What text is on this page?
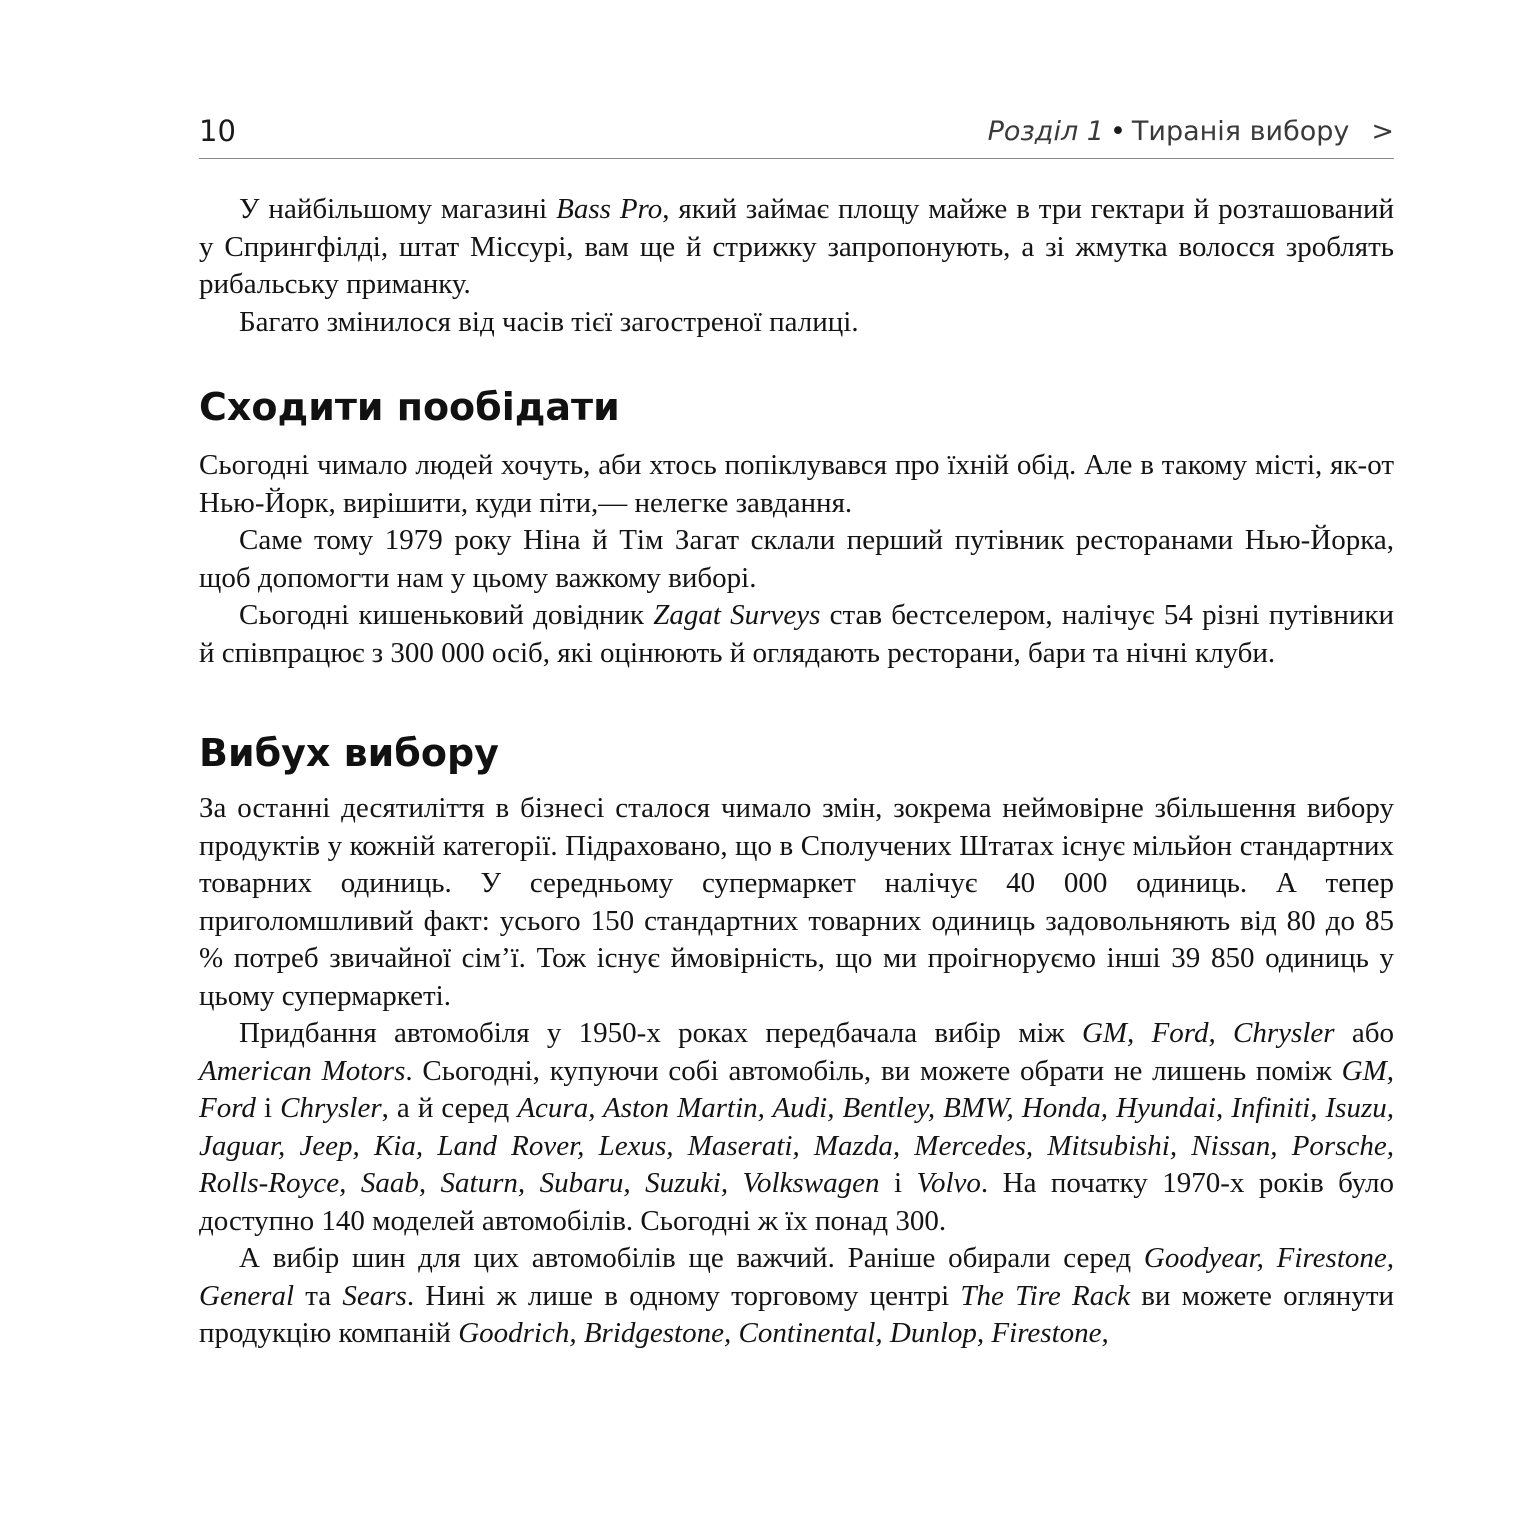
10	Розділ 1 • Тиранія вибору >

У найбільшому магазині Bass Pro, який займає площу майже в три гектари й розташований у Спрингфілді, штат Міссурі, вам ще й стрижку запропонують, а зі жмутка волосся зроблять рибальську приманку.

Багато змінилося від часів тієї загостреної палиці.

Сходити пообідати

Сьогодні чимало людей хочуть, аби хтось попіклувався про їхній обід. Але в такому місті, як-от Нью-Йорк, вирішити, куди піти,— нелегке завдання.

Саме тому 1979 року Ніна й Тім Загат склали перший путівник ресторанами Нью-Йорка, щоб допомогти нам у цьому важкому виборі.

Сьогодні кишеньковий довідник Zagat Surveys став бестселером, налічує 54 різні путівники й співпрацює з 300 000 осіб, які оцінюють й оглядають ресторани, бари та нічні клуби.

Вибух вибору

За останні десятиліття в бізнесі сталося чимало змін, зокрема неймовірне збільшення вибору продуктів у кожній категорії. Підраховано, що в Сполучених Штатах існує мільйон стандартних товарних одиниць. У середньому супермаркет налічує 40 000 одиниць. А тепер приголомшливий факт: усього 150 стандартних товарних одиниць задовольняють від 80 до 85 % потреб звичайної сім’ї. Тож існує ймовірність, що ми проігноруємо інші 39 850 одиниць у цьому супермаркеті.

Придбання автомобіля у 1950-х роках передбачала вибір між GM, Ford, Chrysler або American Motors. Сьогодні, купуючи собі автомобіль, ви можете обрати не лишень поміж GM, Ford і Chrysler, а й серед Acura, Aston Martin, Audi, Bentley, BMW, Honda, Hyundai, Infiniti, Isuzu, Jaguar, Jeep, Kia, Land Rover, Lexus, Maserati, Mazda, Mercedes, Mitsubishi, Nissan, Porsche, Rolls-Royce, Saab, Saturn, Subaru, Suzuki, Volkswagen і Volvo. На початку 1970-х років було доступно 140 моделей автомобілів. Сьогодні ж їх понад 300.

А вибір шин для цих автомобілів ще важчий. Раніше обирали серед Goodyear, Firestone, General та Sears. Нині ж лише в одному торговому центрі The Tire Rack ви можете оглянути продукцію компаній Goodrich, Bridgestone, Continental, Dunlop, Firestone,
